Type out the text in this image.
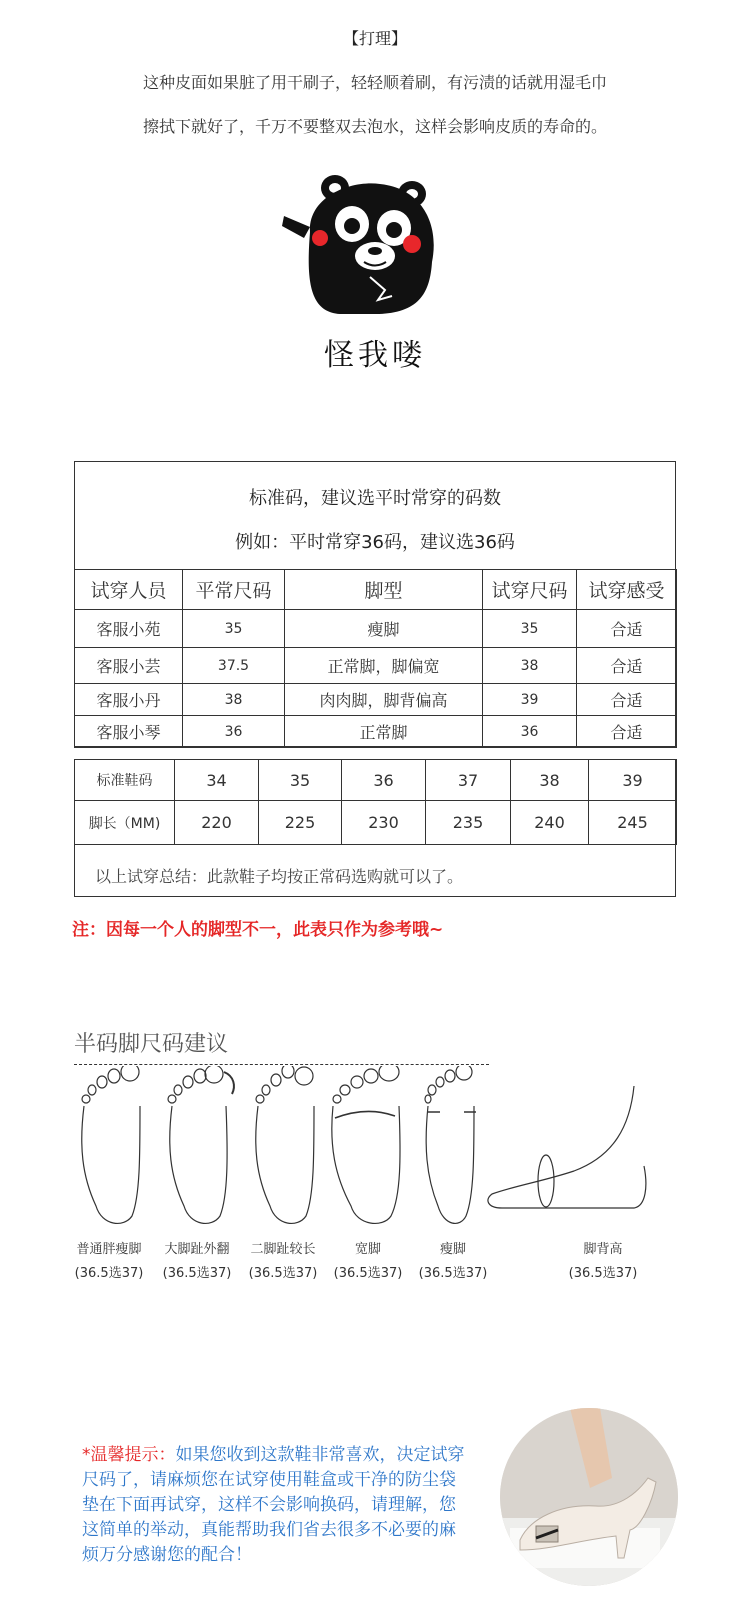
【打理】
这种皮面如果脏了用干刷子，轻轻顺着刷，有污渍的话就用湿毛巾
擦拭下就好了，千万不要整双去泡水，这样会影响皮质的寿命的。
怪我喽
标准码，建议选平时常穿的码数
例如：平时常穿36码，建议选36码
试穿人员	平常尺码	脚型	试穿尺码	试穿感受
客服小苑	35	瘦脚	35	合适
客服小芸	37.5	正常脚，脚偏宽	38	合适
客服小丹	38	肉肉脚，脚背偏高	39	合适
客服小琴	36	正常脚	36	合适
标准鞋码	34	35	36	37	38	39
脚长（MM)	220	225	230	235	240	245
以上试穿总结：此款鞋子均按正常码选购就可以了。
注：因每一个人的脚型不一，此表只作为参考哦~
半码脚尺码建议
普通胖瘦脚
(36.5选37)
大脚趾外翻
(36.5选37)
二脚趾较长
(36.5选37)
宽脚
(36.5选37)
瘦脚
(36.5选37)
脚背高
(36.5选37)
*温馨提示：如果您收到这款鞋非常喜欢，决定试穿尺码了，请麻烦您在试穿使用鞋盒或干净的防尘袋垫在下面再试穿，这样不会影响换码，请理解，您这简单的举动，真能帮助我们省去很多不必要的麻烦万分感谢您的配合！
